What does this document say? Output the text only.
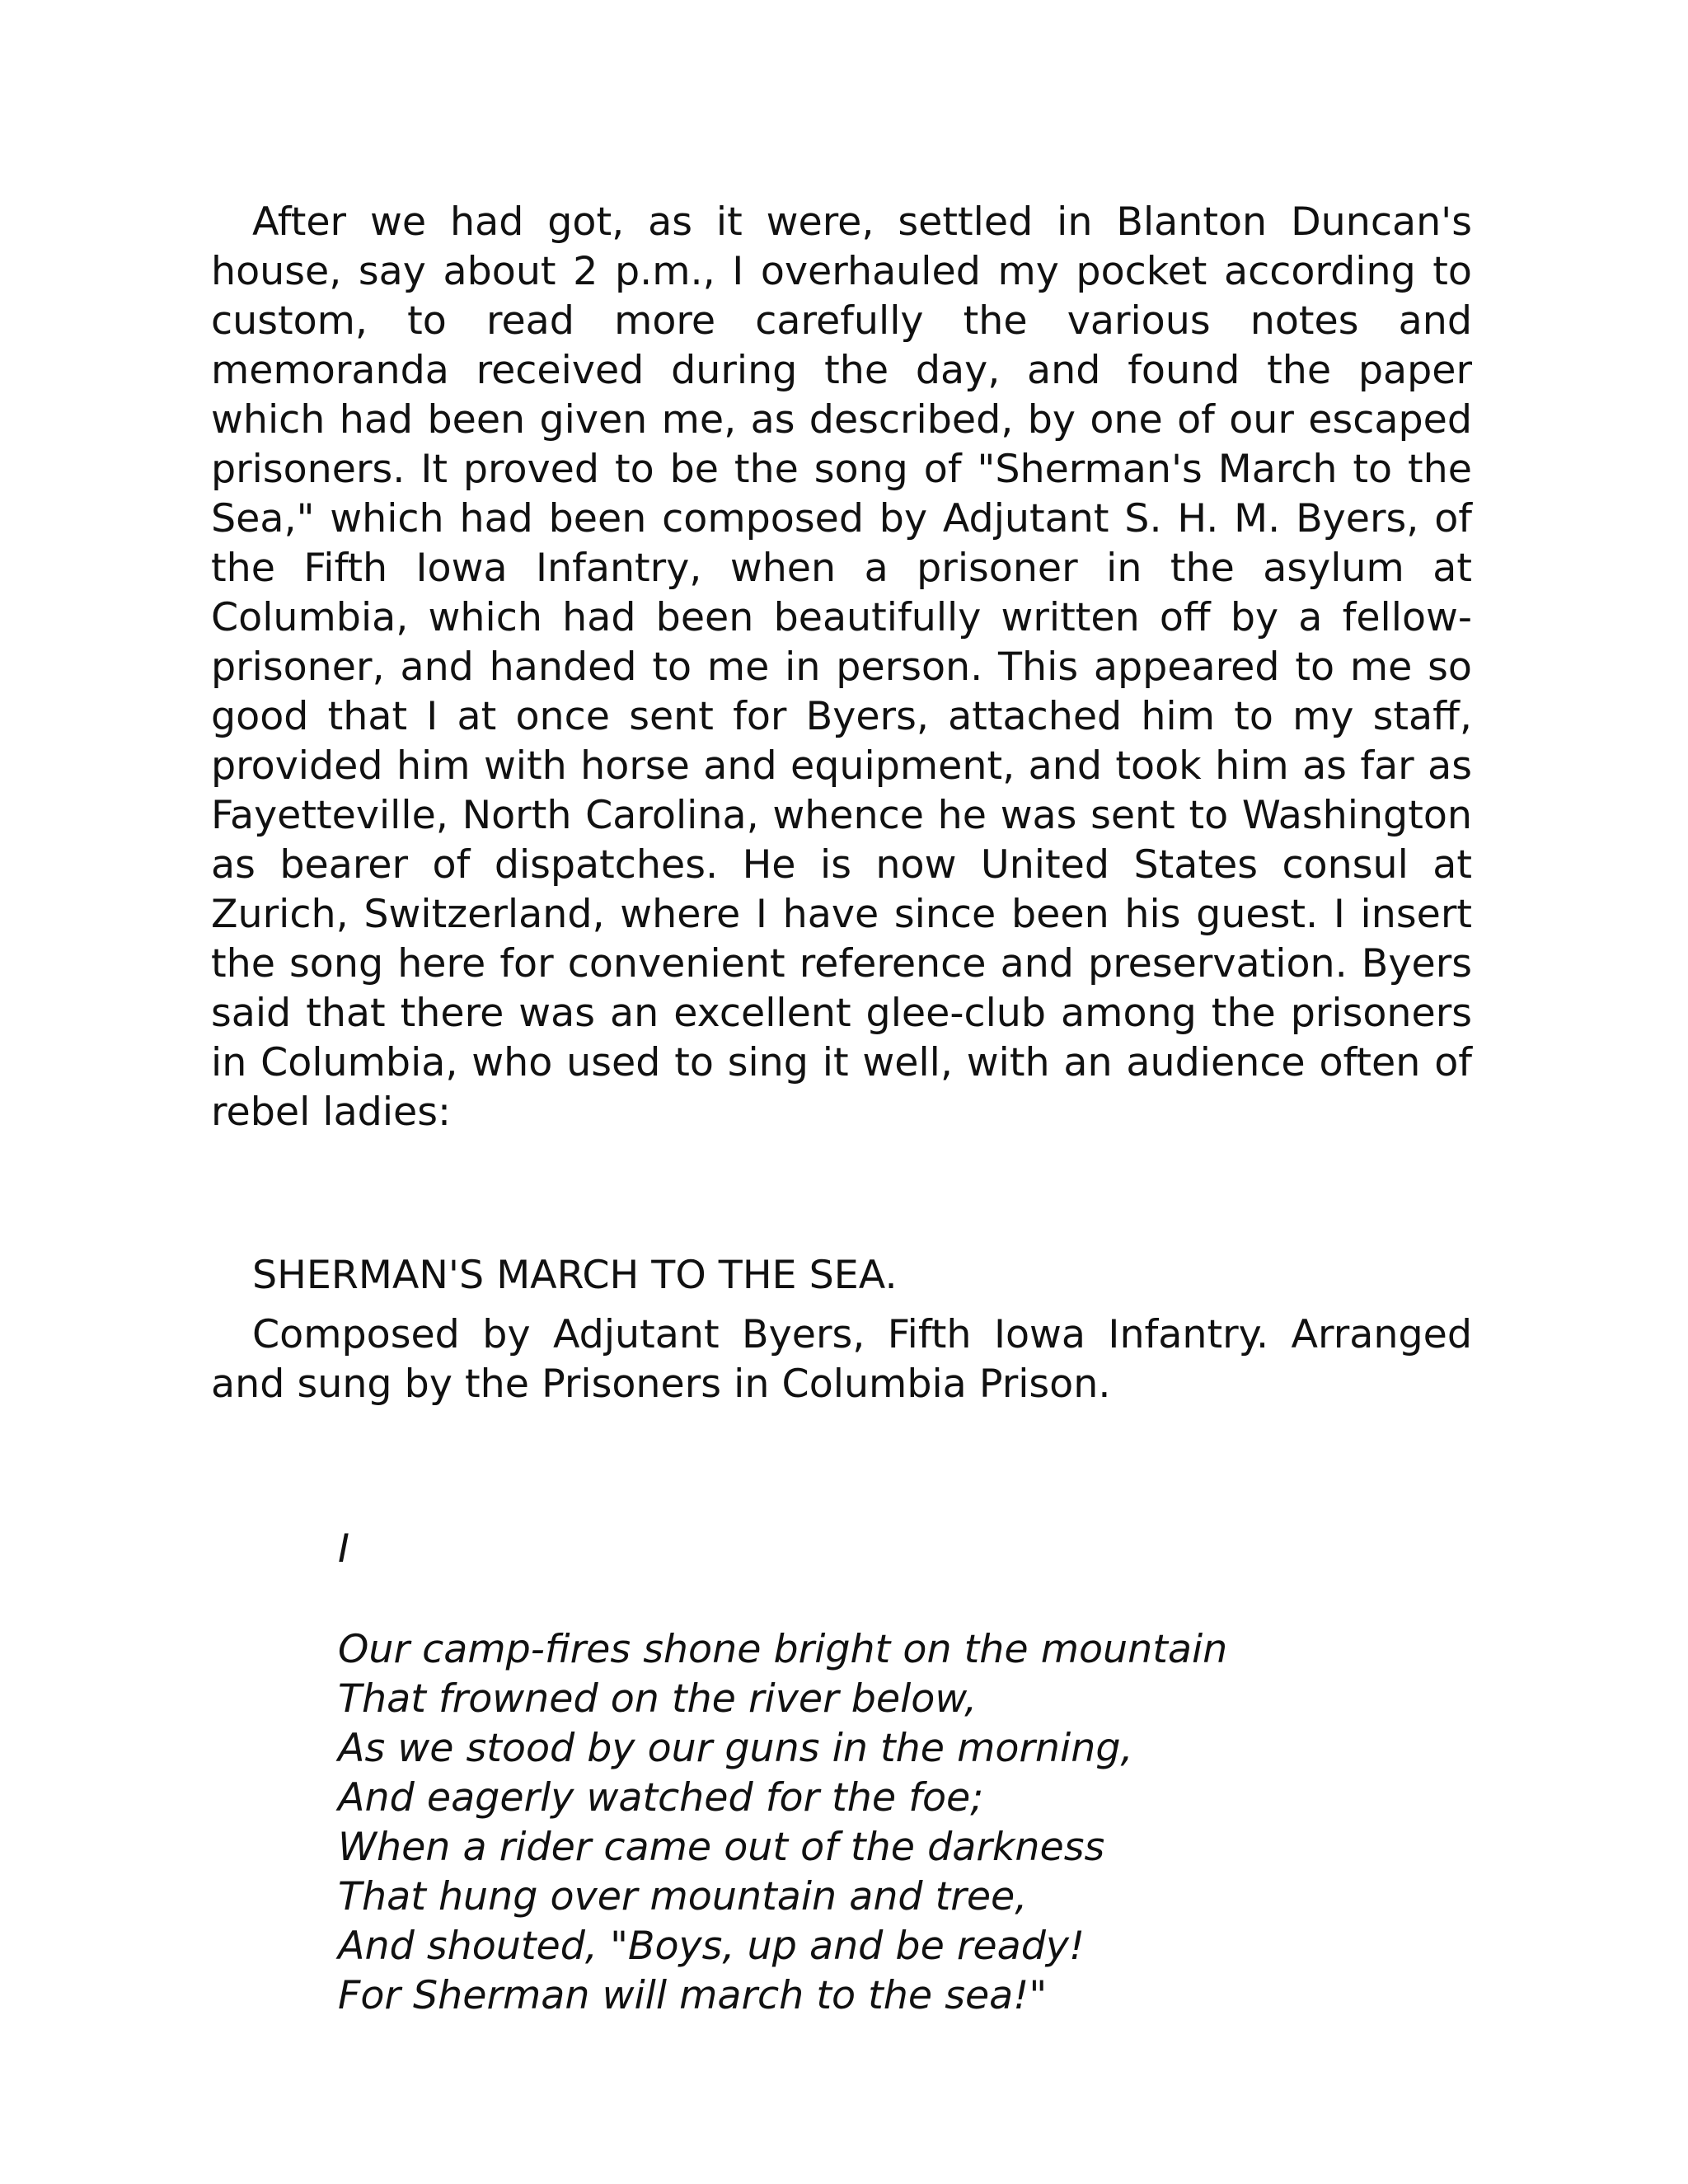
After we had got, as it were, settled in Blanton Duncan's house, say about 2 p.m., I overhauled my pocket according to custom, to read more carefully the various notes and memoranda received during the day, and found the paper which had been given me, as described, by one of our escaped prisoners. It proved to be the song of "Sherman's March to the Sea," which had been composed by Adjutant S. H. M. Byers, of the Fifth Iowa Infantry, when a prisoner in the asylum at Columbia, which had been beautifully written off by a fellow-prisoner, and handed to me in person. This appeared to me so good that I at once sent for Byers, attached him to my staff, provided him with horse and equipment, and took him as far as Fayetteville, North Carolina, whence he was sent to Washington as bearer of dispatches. He is now United States consul at Zurich, Switzerland, where I have since been his guest. I insert the song here for convenient reference and preservation. Byers said that there was an excellent glee-club among the prisoners in Columbia, who used to sing it well, with an audience often of rebel ladies:

SHERMAN'S MARCH TO THE SEA.

Composed by Adjutant Byers, Fifth Iowa Infantry. Arranged and sung by the Prisoners in Columbia Prison.

I
Our camp-fires shone bright on the mountain
That frowned on the river below,
As we stood by our guns in the morning,
And eagerly watched for the foe;
When a rider came out of the darkness
That hung over mountain and tree,
And shouted, "Boys, up and be ready!
For Sherman will march to the sea!"
